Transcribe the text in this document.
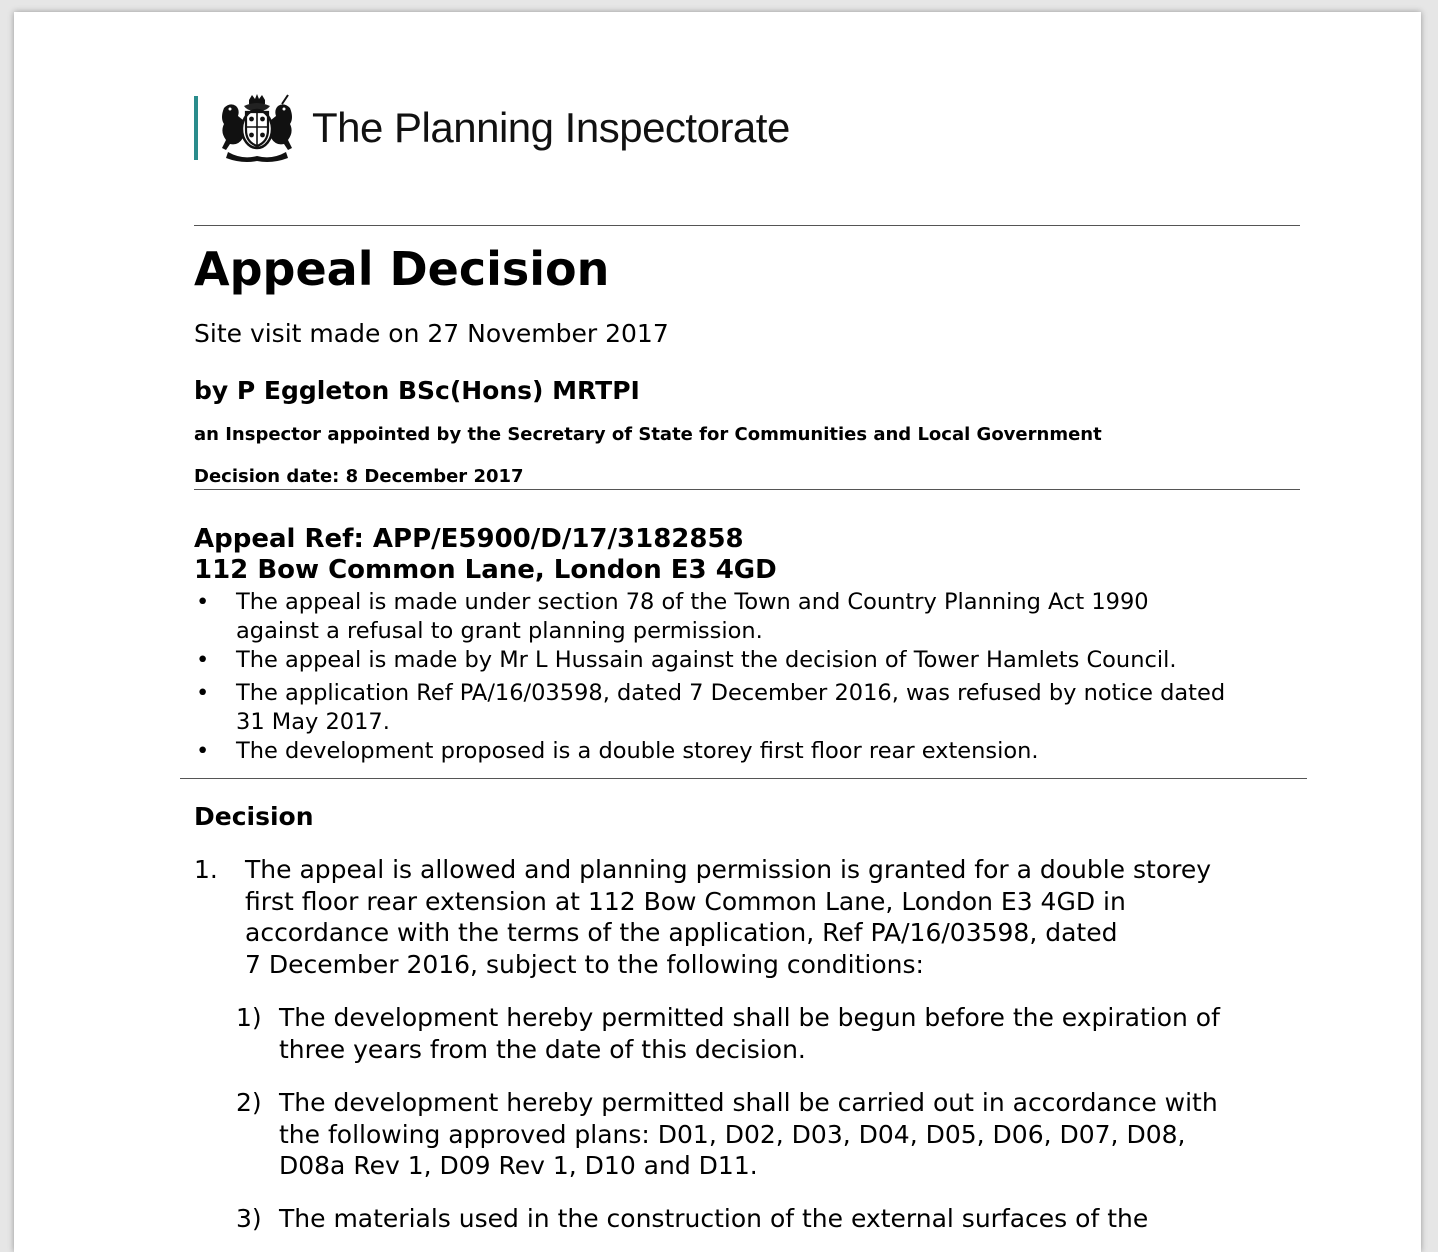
The Planning Inspectorate
Appeal Decision
Site visit made on 27 November 2017
by P Eggleton BSc(Hons) MRTPI
an Inspector appointed by the Secretary of State for Communities and Local Government
Decision date: 8 December 2017
Appeal Ref: APP/E5900/D/17/3182858
112 Bow Common Lane, London E3 4GD
• The appeal is made under section 78 of the Town and Country Planning Act 1990
against a refusal to grant planning permission.
• The appeal is made by Mr L Hussain against the decision of Tower Hamlets Council.
• The application Ref PA/16/03598, dated 7 December 2016, was refused by notice dated
31 May 2017.
• The development proposed is a double storey first floor rear extension.
Decision
1. The appeal is allowed and planning permission is granted for a double storey
first floor rear extension at 112 Bow Common Lane, London E3 4GD in
accordance with the terms of the application, Ref PA/16/03598, dated
7 December 2016, subject to the following conditions:
1) The development hereby permitted shall be begun before the expiration of
three years from the date of this decision.
2) The development hereby permitted shall be carried out in accordance with
the following approved plans: D01, D02, D03, D04, D05, D06, D07, D08,
D08a Rev 1, D09 Rev 1, D10 and D11.
3) The materials used in the construction of the external surfaces of the
